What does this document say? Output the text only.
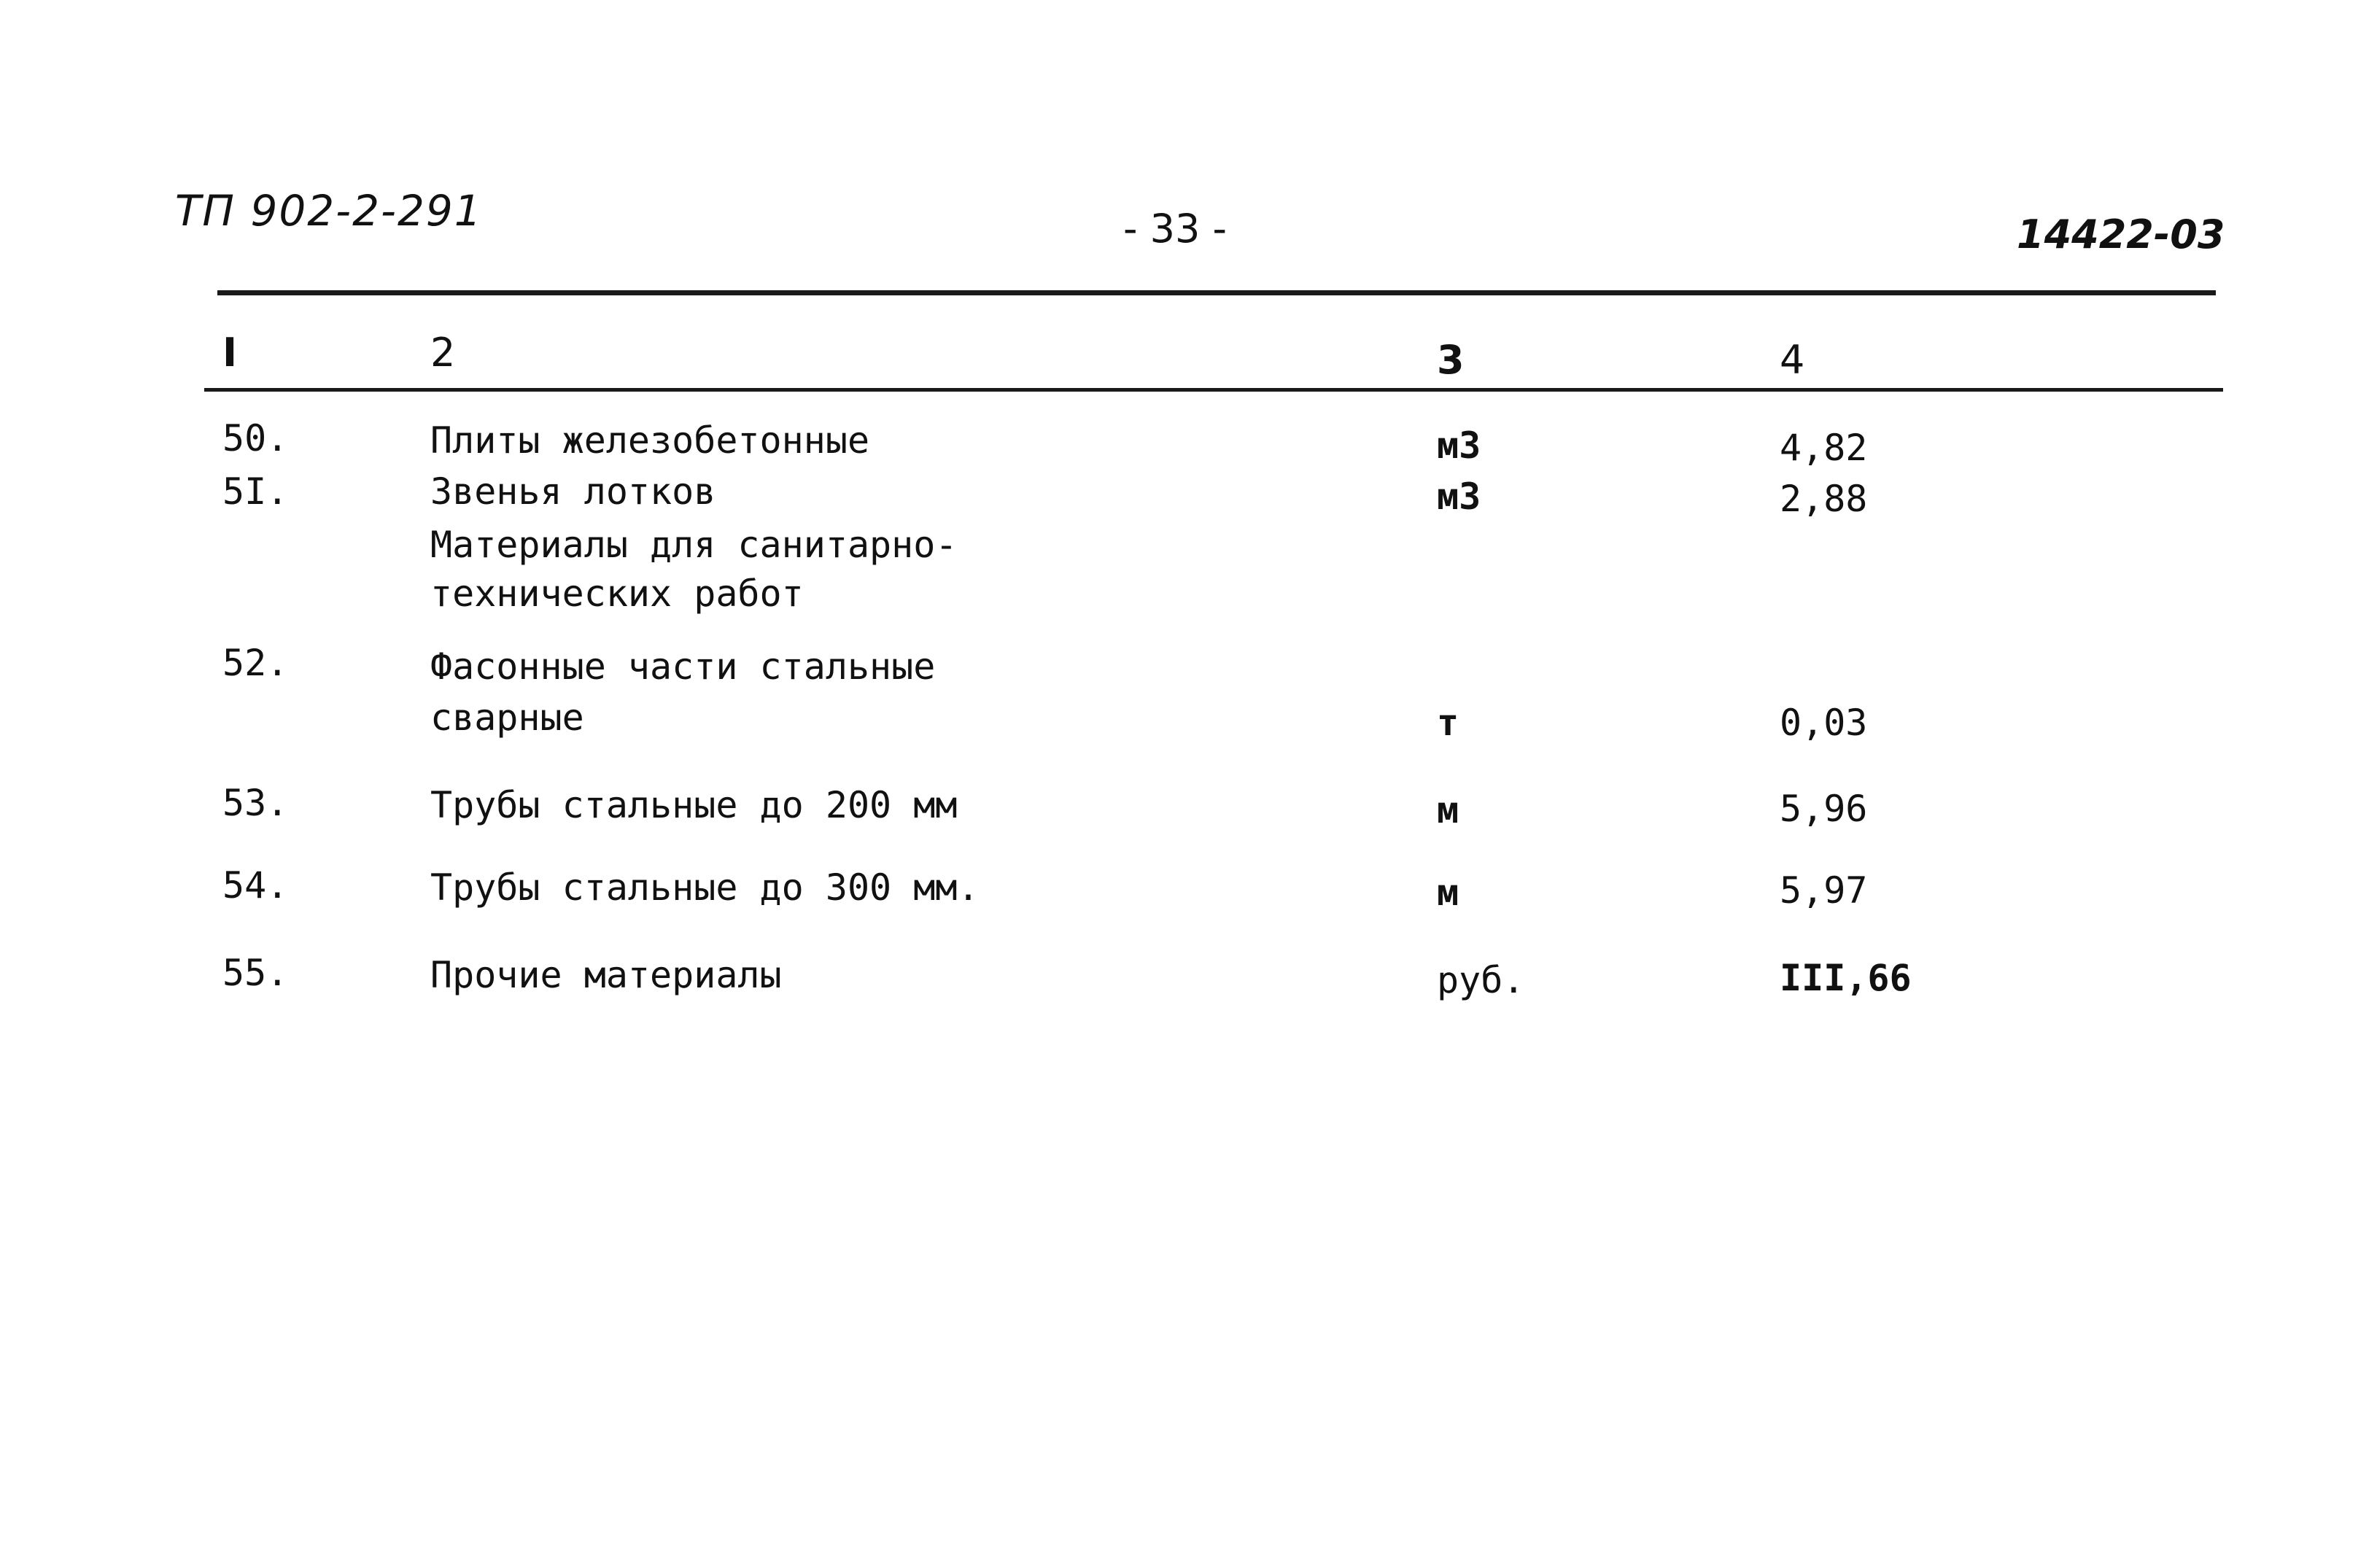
ТП 902-2-291	- 33 -	14422-03
I	2	3	4
50.	Плиты железобетонные	м3	4,82
5I.	Звенья лотков	м3	2,88
Материалы для санитарно-
технических работ
52.	Фасонные части стальные
сварные	т	0,03
53.	Трубы стальные до 200 мм	м	5,96
54.	Трубы стальные до 300 мм.	м	5,97
55.	Прочие материалы	руб.	III,66
